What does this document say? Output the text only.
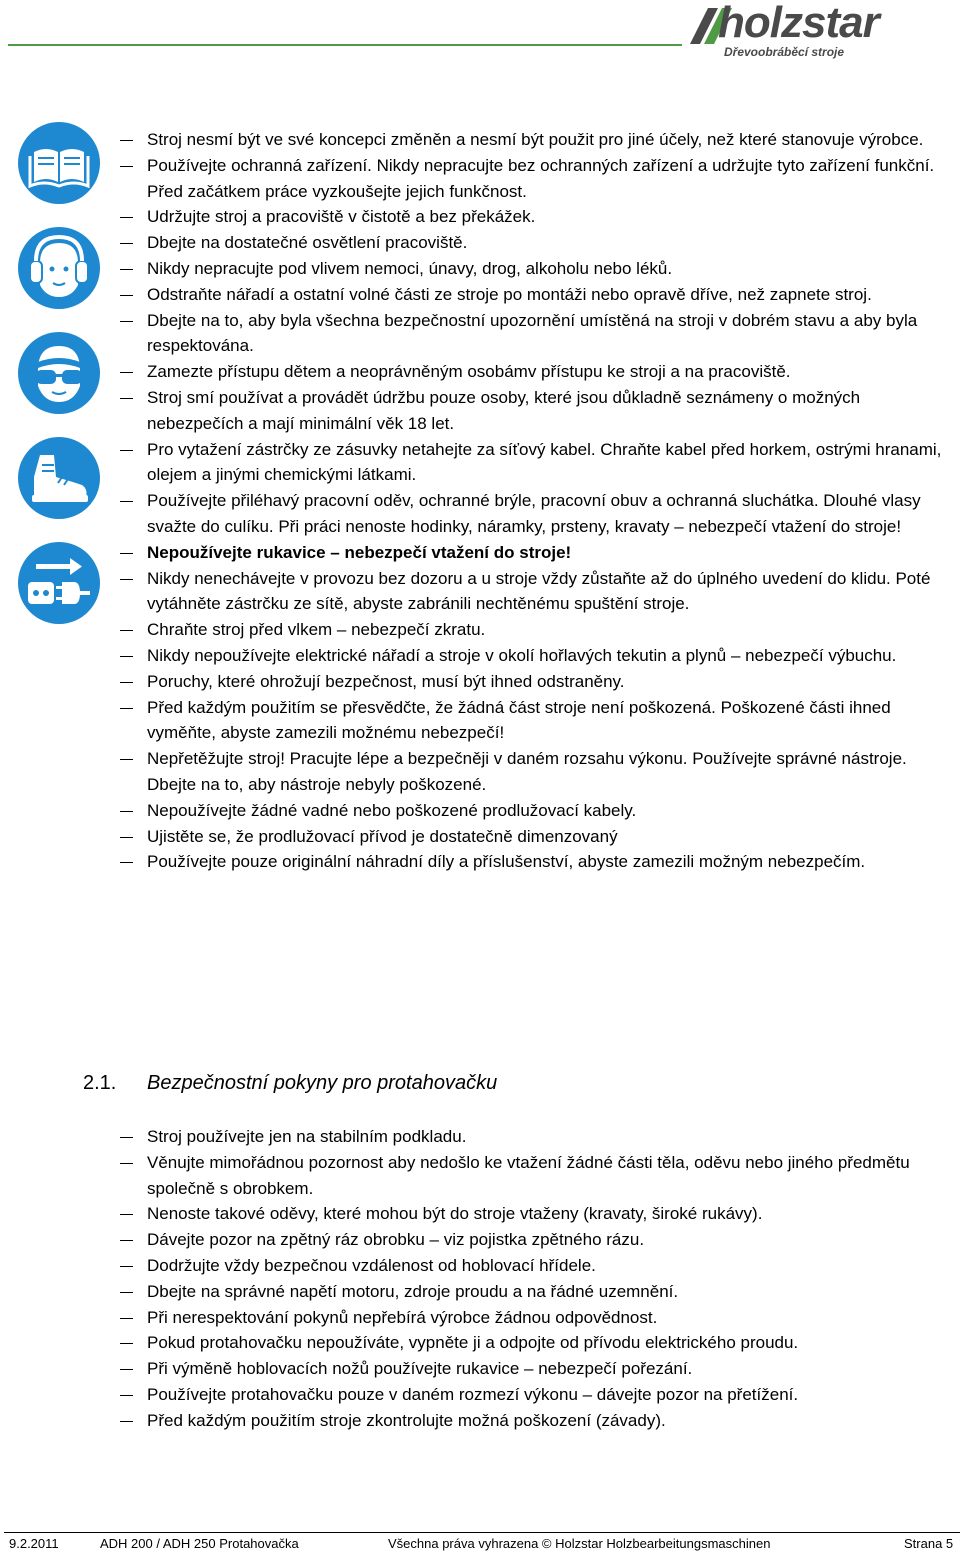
holzstar
Dřevoobráběcí stroje
Stroj nesmí být ve své koncepci změněn a nesmí být použit pro jiné účely, než které stanovuje výrobce.
Používejte ochranná zařízení. Nikdy nepracujte bez ochranných zařízení a udržujte tyto zařízení funkční. Před začátkem práce vyzkoušejte jejich funkčnost.
Udržujte stroj a pracoviště v čistotě a bez překážek.
Dbejte na dostatečné osvětlení pracoviště.
Nikdy nepracujte pod vlivem nemoci, únavy, drog, alkoholu nebo léků.
Odstraňte nářadí a ostatní volné části ze stroje po montáži nebo opravě dříve, než zapnete stroj.
Dbejte na to, aby byla všechna bezpečnostní upozornění umístěná na stroji v dobrém stavu a aby byla respektována.
Zamezte přístupu dětem a neoprávněným osobámv přístupu ke stroji a na pracoviště.
Stroj smí používat a provádět údržbu pouze osoby, které jsou důkladně seznámeny o možných nebezpečích a mají minimální věk 18 let.
Pro vytažení zástrčky ze zásuvky netahejte za síťový kabel. Chraňte kabel před horkem, ostrými hranami, olejem a jinými chemickými látkami.
Používejte přiléhavý pracovní oděv, ochranné brýle, pracovní obuv a ochranná sluchátka. Dlouhé vlasy svažte do culíku. Při práci nenoste hodinky, náramky, prsteny, kravaty – nebezpečí vtažení do stroje!
Nepoužívejte rukavice – nebezpečí vtažení do stroje!
Nikdy nenechávejte v provozu bez dozoru a u stroje vždy zůstaňte až do úplného uvedení do klidu. Poté vytáhněte zástrčku ze sítě, abyste zabránili nechtěnému spuštění stroje.
Chraňte stroj před vlkem – nebezpečí zkratu.
Nikdy nepoužívejte elektrické nářadí a stroje v okolí hořlavých tekutin a plynů – nebezpečí výbuchu.
Poruchy, které ohrožují bezpečnost, musí být ihned odstraněny.
Před každým použitím se přesvědčte, že žádná část stroje není poškozená. Poškozené části ihned vyměňte, abyste zamezili možnému nebezpečí!
Nepřetěžujte stroj! Pracujte lépe a bezpečněji v daném rozsahu výkonu. Používejte správné nástroje. Dbejte na to, aby nástroje nebyly poškozené.
Nepoužívejte žádné vadné nebo poškozené prodlužovací kabely.
Ujistěte se, že prodlužovací přívod je dostatečně dimenzovaný
Používejte pouze originální náhradní díly a příslušenství, abyste zamezili možným nebezpečím.
2.1. Bezpečnostní pokyny pro protahovačku
Stroj používejte jen na stabilním podkladu.
Věnujte mimořádnou pozornost aby nedošlo ke vtažení žádné části těla, oděvu nebo jiného předmětu společně s obrobkem.
Nenoste takové oděvy, které mohou být do stroje vtaženy (kravaty, široké rukávy).
Dávejte pozor na zpětný ráz obrobku – viz pojistka zpětného rázu.
Dodržujte vždy bezpečnou vzdálenost od hoblovací hřídele.
Dbejte na správné napětí motoru, zdroje proudu a na řádné uzemnění.
Při nerespektování pokynů nepřebírá výrobce žádnou odpovědnost.
Pokud protahovačku nepoužíváte, vypněte ji a odpojte od přívodu elektrického proudu.
Při výměně hoblovacích nožů používejte rukavice – nebezpečí pořezání.
Používejte protahovačku pouze v daném rozmezí výkonu – dávejte pozor na přetížení.
Před každým použitím stroje zkontrolujte možná poškození (závady).
9.2.2011	ADH 200 / ADH 250 Protahovačka	Všechna práva vyhrazena © Holzstar Holzbearbeitungsmaschinen	Strana 5
